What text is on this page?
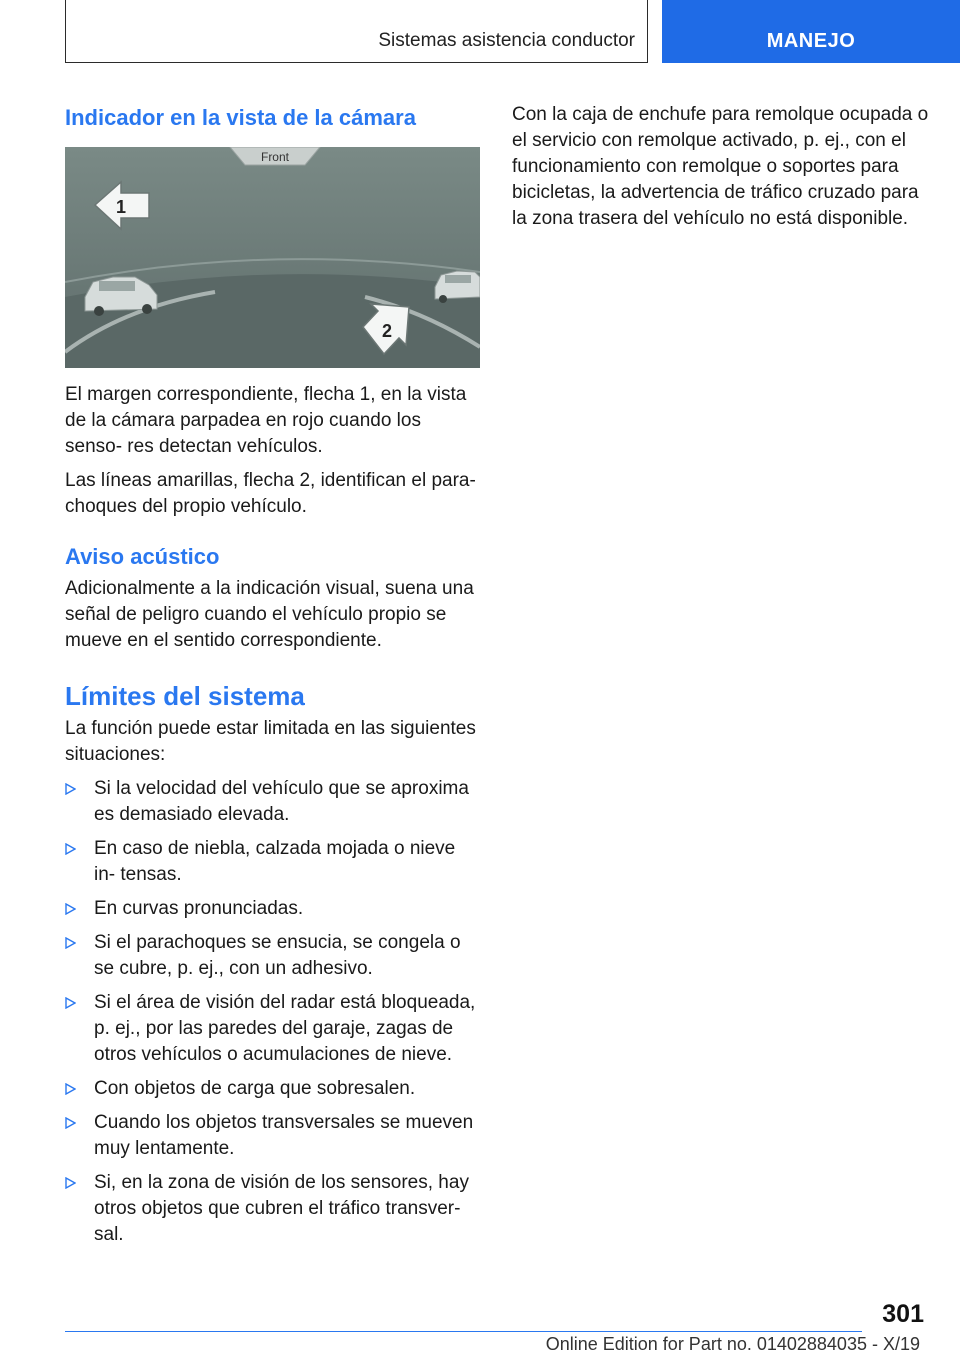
Sistemas asistencia conductor	MANEJO
Indicador en la vista de la cámara
Front
1
2

El margen correspondiente, flecha 1, en la vista de la cámara parpadea en rojo cuando los senso‐ res detectan vehículos.

Las líneas amarillas, flecha 2, identifican el para‐ choques del propio vehículo.

Aviso acústico

Adicionalmente a la indicación visual, suena una señal de peligro cuando el vehículo propio se mueve en el sentido correspondiente.

Límites del sistema

La función puede estar limitada en las siguientes situaciones:

Si la velocidad del vehículo que se aproxima es demasiado elevada.
En caso de niebla, calzada mojada o nieve in‐ tensas.
En curvas pronunciadas.
Si el parachoques se ensucia, se congela o se cubre, p. ej., con un adhesivo.
Si el área de visión del radar está bloqueada, p. ej., por las paredes del garaje, zagas de otros vehículos o acumulaciones de nieve.
Con objetos de carga que sobresalen.
Cuando los objetos transversales se mueven muy lentamente.
Si, en la zona de visión de los sensores, hay otros objetos que cubren el tráfico transver‐ sal.

Con la caja de enchufe para remolque ocupada o el servicio con remolque activado, p. ej., con el funcionamiento con remolque o soportes para bicicletas, la advertencia de tráfico cruzado para la zona trasera del vehículo no está disponible.

301
Online Edition for Part no. 01402884035 - X/19
